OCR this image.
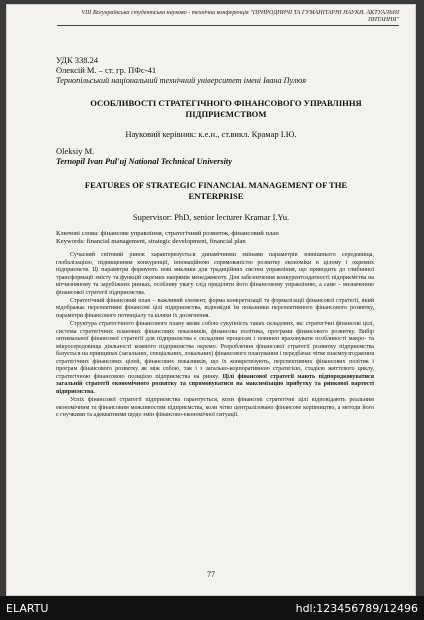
VIII Всеукраїнська студентська науково - технічна конференція "ПРИРОДНИЧІ ТА ГУМАНІТАРНІ НАУКИ. АКТУАЛЬНІ ПИТАННЯ"
УДК 338.24
Олексій М. – ст. гр. ПФс-41
Тернопільський національний технічний університет імені Івана Пулюя
ОСОБЛИВОСТІ СТРАТЕГІЧНОГО ФІНАНСОВОГО УПРАВЛІННЯ ПІДПРИЄМСТВОМ
Науковий керівник: к.е.н., ст.викл. Крамар І.Ю.
Oleksiy M.
Ternopil Ivan Pul'uj National Technical University
FEATURES OF STRATEGIC FINANCIAL MANAGEMENT OF THE ENTERPRISE
Supervisor: PhD, senior lecturer Kramar I.Yu.
Ключові слова: фінансове управління, стратегічний розвиток, фінансовий план
Keywords: financial management, strategic development, financial plan

Сучасний світовий ринок характеризується динамічними змінами параметрів зовнішнього середовища, глобалізацією, підвищенням конкуренції, інноваційною спрямованістю розвитку економіки в цілому і окремих підприємств. Ці параметри формують нові виклики для традиційних систем управління, що приводить до глибинної трансформації змісту та функцій окремих напрямів менеджменту. Для забезпечення конкурентоздатності підприємства на вітчизняному та зарубіжних ринках, особливу увагу слід приділяти його фінансовому управлінню, а саме – визначенню фінансової стратегії підприємства.

Стратегічний фінансовий план – важливий елемент, форма конкретизації та формалізації фінансової стратегії, який відображає перспективні фінансові цілі підприємства, відповідні їм показники перспективного фінансового розвитку, параметри фінансового потенціалу та шляхи їх досягнення.

Структура стратегічного фінансового плану являє собою сукупність таких складових, як: стратегічні фінансові цілі, система стратегічних планових фінансових показників, фінансова політика, програми фінансового розвитку. Вибір оптимальної фінансової стратегії для підприємства є складним процесом і повинен враховувати особливості макро- та мікросередовища діяльності кожного підприємства окремо. Розроблення фінансової стратегії розвитку підприємства базується на принципах (загальних, спеціальних, локальних) фінансового планування і передбачає чітке взаємоузгодження стратегічних фінансових цілей, фінансових показників, що їх конкретизують, перспективних фінансових політик і програм фінансового розвитку як між собою, так і з загально-корпоративною стратегією, стадією життєвого циклу, стратегічною фінансовою позицією підприємства на ринку. Цілі фінансової стратегії мають підпорядковуватися загальній стратегії економічного розвитку та спрямовуватися на максимізацію прибутку та ринкової вартості підприємства.

Успіх фінансової стратегії підприємства гарантується, коли фінансові стратегічні цілі відповідають реальним економічним та фінансовим можливостям підприємства, коли чітко централізовано фінансове керівництво, а методи його є гнучкими та адекватними щодо змін фінансово-економічної ситуації.

77
ELARTU	hdl:123456789/12496
